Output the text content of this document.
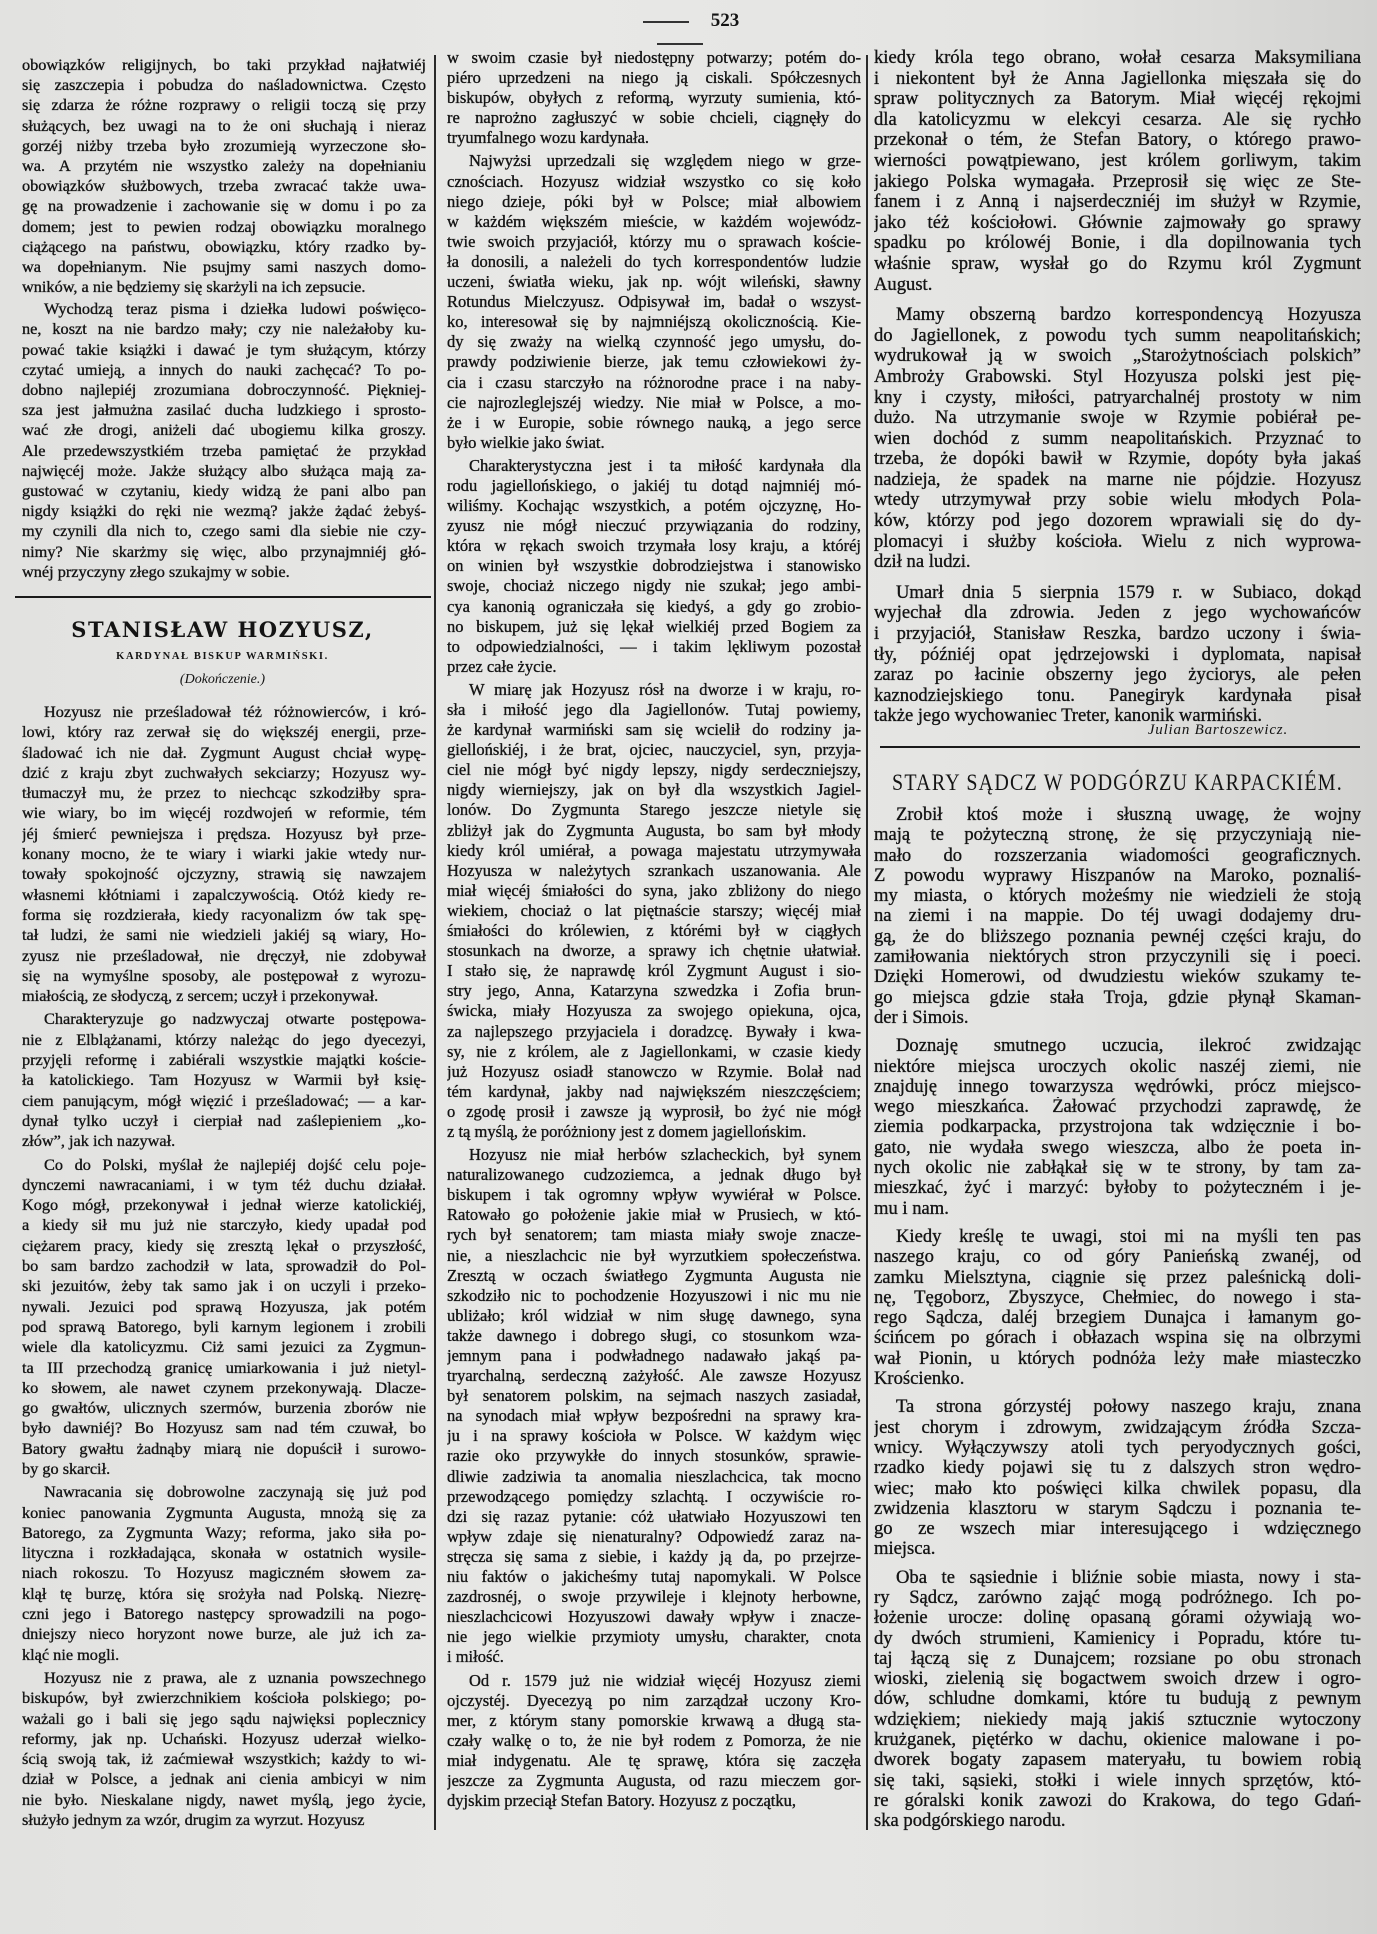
523
obowiązków religijnych, bo taki przykład najłatwiéj
się zaszczepia i pobudza do naśladownictwa. Często
się zdarza że różne rozprawy o religii toczą się przy
służących, bez uwagi na to że oni słuchają i nieraz
gorzéj niżby trzeba było zrozumieją wyrzeczone sło-
wa. A przytém nie wszystko zależy na dopełnianiu
obowiązków służbowych, trzeba zwracać także uwa-
gę na prowadzenie i zachowanie się w domu i po za
domem; jest to pewien rodzaj obowiązku moralnego
ciążącego na państwu, obowiązku, który rzadko by-
wa dopełnianym. Nie psujmy sami naszych domo-
wników, a nie będziemy się skarżyli na ich zepsucie.
Wychodzą teraz pisma i dziełka ludowi poświęco-
ne, koszt na nie bardzo mały; czy nie należałoby ku-
pować takie książki i dawać je tym służącym, którzy
czytać umieją, a innych do nauki zachęcać? To po-
dobno najlepiéj zrozumiana dobroczynność. Piękniej-
sza jest jałmużna zasilać ducha ludzkiego i sprosto-
wać złe drogi, aniżeli dać ubogiemu kilka groszy.
Ale przedewszystkiém trzeba pamiętać że przykład
najwięcéj może. Jakże służący albo służąca mają za-
gustować w czytaniu, kiedy widzą że pani albo pan
nigdy książki do ręki nie wezmą? jakże żądać żebyś-
my czynili dla nich to, czego sami dla siebie nie czy-
nimy? Nie skarżmy się więc, albo przynajmniéj głó-
wnéj przyczyny złego szukajmy w sobie.
STANISŁAW HOZYUSZ,
KARDYNAŁ BISKUP WARMIŃSKI.
(Dokończenie.)
Hozyusz nie prześladował téż różnowierców, i kró-
lowi, który raz zerwał się do większéj energii, prze-
śladować ich nie dał. Zygmunt August chciał wypę-
dzić z kraju zbyt zuchwałych sekciarzy; Hozyusz wy-
tłumaczył mu, że przez to niechcąc szkodziłby spra-
wie wiary, bo im więcéj rozdwojeń w reformie, tém
jéj śmierć pewniejsza i prędsza. Hozyusz był prze-
konany mocno, że te wiary i wiarki jakie wtedy nur-
towały spokojność ojczyzny, strawią się nawzajem
własnemi kłótniami i zapalczywością. Otóż kiedy re-
forma się rozdzierała, kiedy racyonalizm ów tak spę-
tał ludzi, że sami nie wiedzieli jakiéj są wiary, Ho-
zyusz nie prześladował, nie dręczył, nie zdobywał
się na wymyślne sposoby, ale postępował z wyrozu-
miałością, ze słodyczą, z sercem; uczył i przekonywał.
Charakteryzuje go nadzwyczaj otwarte postępowa-
nie z Elblążanami, którzy należąc do jego dyecezyi,
przyjęli reformę i zabiérali wszystkie majątki koście-
ła katolickiego. Tam Hozyusz w Warmii był księ-
ciem panującym, mógł więzić i prześladować; — a kar-
dynał tylko uczył i cierpiał nad zaślepieniem „ko-
złów”, jak ich nazywał.
Co do Polski, myślał że najlepiéj dojść celu poje-
dynczemi nawracaniami, i w tym téż duchu działał.
Kogo mógł, przekonywał i jednał wierze katolickiéj,
a kiedy sił mu już nie starczyło, kiedy upadał pod
ciężarem pracy, kiedy się zresztą lękał o przyszłość,
bo sam bardzo zachodził w lata, sprowadził do Pol-
ski jezuitów, żeby tak samo jak i on uczyli i przeko-
nywali. Jezuici pod sprawą Hozyusza, jak potém
pod sprawą Batorego, byli karnym legionem i zrobili
wiele dla katolicyzmu. Ciż sami jezuici za Zygmun-
ta III przechodzą granicę umiarkowania i już nietyl-
ko słowem, ale nawet czynem przekonywają. Dlacze-
go gwałtów, ulicznych szermów, burzenia zborów nie
było dawniéj? Bo Hozyusz sam nad tém czuwał, bo
Batory gwałtu żadnąby miarą nie dopuścił i surowo-
by go skarcił.
Nawracania się dobrowolne zaczynają się już pod
koniec panowania Zygmunta Augusta, mnożą się za
Batorego, za Zygmunta Wazy; reforma, jako siła po-
lityczna i rozkładająca, skonała w ostatnich wysile-
niach rokoszu. To Hozyusz magiczném słowem za-
klął tę burzę, która się srożyła nad Polską. Niezrę-
czni jego i Batorego następcy sprowadzili na pogo-
dniejszy nieco horyzont nowe burze, ale już ich za-
kląć nie mogli.
Hozyusz nie z prawa, ale z uznania powszechnego
biskupów, był zwierzchnikiem kościoła polskiego; po-
ważali go i bali się jego sądu najwięksi poplecznicy
reformy, jak np. Uchański. Hozyusz uderzał wielko-
ścią swoją tak, iż zaćmiewał wszystkich; każdy to wi-
dział w Polsce, a jednak ani cienia ambicyi w nim
nie było. Nieskalane nigdy, nawet myślą, jego życie,
służyło jednym za wzór, drugim za wyrzut. Hozyusz
w swoim czasie był niedostępny potwarzy; potém do-
piéro uprzedzeni na niego ją ciskali. Spółczesnych
biskupów, obyłych z reformą, wyrzuty sumienia, któ-
re naprożno zagłuszyć w sobie chcieli, ciągnęły do
tryumfalnego wozu kardynała.
Najwyżsi uprzedzali się względem niego w grze-
cznościach. Hozyusz widział wszystko co się koło
niego dzieje, póki był w Polsce; miał albowiem
w każdém większém mieście, w każdém wojewódz-
twie swoich przyjaciół, którzy mu o sprawach koście-
ła donosili, a należeli do tych korrespondentów ludzie
uczeni, światła wieku, jak np. wójt wileński, sławny
Rotundus Mielczyusz. Odpisywał im, badał o wszyst-
ko, interesował się by najmniéjszą okolicznością. Kie-
dy się zważy na wielką czynność jego umysłu, do-
prawdy podziwienie bierze, jak temu człowiekowi ży-
cia i czasu starczyło na różnorodne prace i na naby-
cie najrozleglejszéj wiedzy. Nie miał w Polsce, a mo-
że i w Europie, sobie równego nauką, a jego serce
było wielkie jako świat.
Charakterystyczna jest i ta miłość kardynała dla
rodu jagiellońskiego, o jakiéj tu dotąd najmniéj mó-
wiliśmy. Kochając wszystkich, a potém ojczyznę, Ho-
zyusz nie mógł nieczuć przywiązania do rodziny,
która w rękach swoich trzymała losy kraju, a któréj
on winien był wszystkie dobrodziejstwa i stanowisko
swoje, chociaż niczego nigdy nie szukał; jego ambi-
cya kanonią ograniczała się kiedyś, a gdy go zrobio-
no biskupem, już się lękał wielkiéj przed Bogiem za
to odpowiedzialności, — i takim lękliwym pozostał
przez całe życie.
W miarę jak Hozyusz rósł na dworze i w kraju, ro-
sła i miłość jego dla Jagiellonów. Tutaj powiemy,
że kardynał warmiński sam się wcielił do rodziny ja-
giellońskiéj, i że brat, ojciec, nauczyciel, syn, przyja-
ciel nie mógł być nigdy lepszy, nigdy serdeczniejszy,
nigdy wierniejszy, jak on był dla wszystkich Jagiel-
lonów. Do Zygmunta Starego jeszcze nietyle się
zbliżył jak do Zygmunta Augusta, bo sam był młody
kiedy król umiérał, a powaga majestatu utrzymywała
Hozyusza w należytych szrankach uszanowania. Ale
miał więcéj śmiałości do syna, jako zbliżony do niego
wiekiem, chociaż o lat piętnaście starszy; więcéj miał
śmiałości do królewien, z którémi był w ciągłych
stosunkach na dworze, a sprawy ich chętnie ułatwiał.
I stało się, że naprawdę król Zygmunt August i sio-
stry jego, Anna, Katarzyna szwedzka i Zofia brun-
świcka, miały Hozyusza za swojego opiekuna, ojca,
za najlepszego przyjaciela i doradzcę. Bywały i kwa-
sy, nie z królem, ale z Jagiellonkami, w czasie kiedy
już Hozyusz osiadł stanowczo w Rzymie. Bolał nad
tém kardynał, jakby nad największém nieszczęściem;
o zgodę prosił i zawsze ją wyprosił, bo żyć nie mógł
z tą myślą, że poróżniony jest z domem jagiellońskim.
Hozyusz nie miał herbów szlacheckich, był synem
naturalizowanego cudzoziemca, a jednak długo był
biskupem i tak ogromny wpływ wywiérał w Polsce.
Ratowało go położenie jakie miał w Prusiech, w któ-
rych był senatorem; tam miasta miały swoje znacze-
nie, a nieszlachcic nie był wyrzutkiem społeczeństwa.
Zresztą w oczach światłego Zygmunta Augusta nie
szkodziło nic to pochodzenie Hozyuszowi i nic mu nie
ubliżało; król widział w nim sługę dawnego, syna
także dawnego i dobrego sługi, co stosunkom wza-
jemnym pana i podwładnego nadawało jakąś pa-
tryarchalną, serdeczną zażyłość. Ale zawsze Hozyusz
był senatorem polskim, na sejmach naszych zasiadał,
na synodach miał wpływ bezpośredni na sprawy kra-
ju i na sprawy kościoła w Polsce. W każdym więc
razie oko przywykłe do innych stosunków, sprawie-
dliwie zadziwia ta anomalia nieszlachcica, tak mocno
przewodzącego pomiędzy szlachtą. I oczywiście ro-
dzi się razaz pytanie: cóż ułatwiało Hozyuszowi ten
wpływ zdaje się nienaturalny? Odpowiedź zaraz na-
stręcza się sama z siebie, i każdy ją da, po przejrze-
niu faktów o jakicheśmy tutaj napomykali. W Polsce
zazdrosnéj, o swoje przywileje i klejnoty herbowne,
nieszlachcicowi Hozyuszowi dawały wpływ i znacze-
nie jego wielkie przymioty umysłu, charakter, cnota
i miłość.
Od r. 1579 już nie widział więcéj Hozyusz ziemi
ojczystéj. Dyecezyą po nim zarządzał uczony Kro-
mer, z którym stany pomorskie krwawą a długą sta-
czały walkę o to, że nie był rodem z Pomorza, że nie
miał indygenatu. Ale tę sprawę, która się zaczęła
jeszcze za Zygmunta Augusta, od razu mieczem gor-
dyjskim przeciął Stefan Batory. Hozyusz z początku,
kiedy króla tego obrano, wołał cesarza Maksymiliana
i niekontent był że Anna Jagiellonka mięszała się do
spraw politycznych za Batorym. Miał więcéj rękojmi
dla katolicyzmu w elekcyi cesarza. Ale się rychło
przekonał o tém, że Stefan Batory, o którego prawo-
wierności powątpiewano, jest królem gorliwym, takim
jakiego Polska wymagała. Przeprosił się więc ze Ste-
fanem i z Anną i najserdeczniéj im służył w Rzymie,
jako téż kościołowi. Głównie zajmowały go sprawy
spadku po królowéj Bonie, i dla dopilnowania tych
właśnie spraw, wysłał go do Rzymu król Zygmunt
August.
Mamy obszerną bardzo korrespondencyą Hozyusza
do Jagiellonek, z powodu tych summ neapolitańskich;
wydrukował ją w swoich „Starożytnościach polskich”
Ambroży Grabowski. Styl Hozyusza polski jest pię-
kny i czysty, miłości, patryarchalnéj prostoty w nim
dużo. Na utrzymanie swoje w Rzymie pobiérał pe-
wien dochód z summ neapolitańskich. Przyznać to
trzeba, że dopóki bawił w Rzymie, dopóty była jakaś
nadzieja, że spadek na marne nie pójdzie. Hozyusz
wtedy utrzymywał przy sobie wielu młodych Pola-
ków, którzy pod jego dozorem wprawiali się do dy-
plomacyi i służby kościoła. Wielu z nich wyprowa-
dził na ludzi.
Umarł dnia 5 sierpnia 1579 r. w Subiaco, dokąd
wyjechał dla zdrowia. Jeden z jego wychowańców
i przyjaciół, Stanisław Reszka, bardzo uczony i świa-
tły, późniéj opat jędrzejowski i dyplomata, napisał
zaraz po łacinie obszerny jego życiorys, ale pełen
kaznodziejskiego tonu. Panegiryk kardynała pisał
także jego wychowaniec Treter, kanonik warmiński.
Julian Bartoszewicz.
STARY SĄDCZ W PODGÓRZU KARPACKIÉM.
Zrobił ktoś może i słuszną uwagę, że wojny
mają te pożyteczną stronę, że się przyczyniają nie-
mało do rozszerzania wiadomości geograficznych.
Z powodu wyprawy Hiszpanów na Maroko, poznaliś-
my miasta, o których możeśmy nie wiedzieli że stoją
na ziemi i na mappie. Do téj uwagi dodajemy dru-
gą, że do bliższego poznania pewnéj części kraju, do
zamiłowania niektórych stron przyczynili się i poeci.
Dzięki Homerowi, od dwudziestu wieków szukamy te-
go miejsca gdzie stała Troja, gdzie płynął Skaman-
der i Simois.
Doznaję smutnego uczucia, ilekroć zwidzając
niektóre miejsca uroczych okolic naszéj ziemi, nie
znajduję innego towarzysza wędrówki, prócz miejsco-
wego mieszkańca. Żałować przychodzi zaprawdę, że
ziemia podkarpacka, przystrojona tak wdzięcznie i bo-
gato, nie wydała swego wieszcza, albo że poeta in-
nych okolic nie zabłąkał się w te strony, by tam za-
mieszkać, żyć i marzyć: byłoby to pożyteczném i je-
mu i nam.
Kiedy kreślę te uwagi, stoi mi na myśli ten pas
naszego kraju, co od góry Panieńską zwanéj, od
zamku Mielsztyna, ciągnie się przez paleśnicką doli-
nę, Tęgoborz, Zbyszyce, Chełmiec, do nowego i sta-
rego Sądcza, daléj brzegiem Dunajca i łamanym go-
ścińcem po górach i obłazach wspina się na olbrzymi
wał Pionin, u których podnóża leży małe miasteczko
Krościenko.
Ta strona górzystéj połowy naszego kraju, znana
jest chorym i zdrowym, zwidzającym źródła Szcza-
wnicy. Wyłączywszy atoli tych peryodycznych gości,
rzadko kiedy pojawi się tu z dalszych stron wędro-
wiec; mało kto poświęci kilka chwilek popasu, dla
zwidzenia klasztoru w starym Sądczu i poznania te-
go ze wszech miar interesującego i wdzięcznego
miejsca.
Oba te sąsiednie i bliźnie sobie miasta, nowy i sta-
ry Sądcz, zarówno zająć mogą podróżnego. Ich po-
łożenie urocze: dolinę opasaną górami ożywiają wo-
dy dwóch strumieni, Kamienicy i Popradu, które tu-
taj łączą się z Dunajcem; rozsiane po obu stronach
wioski, zielenią się bogactwem swoich drzew i ogro-
dów, schludne domkami, które tu budują z pewnym
wdziękiem; niekiedy mają jakiś sztucznie wytoczony
krużganek, piętérko w dachu, okienice malowane i po-
dworek bogaty zapasem materyału, tu bowiem robią
się taki, sąsieki, stołki i wiele innych sprzętów, któ-
re góralski konik zawozi do Krakowa, do tego Gdań-
ska podgórskiego narodu.
